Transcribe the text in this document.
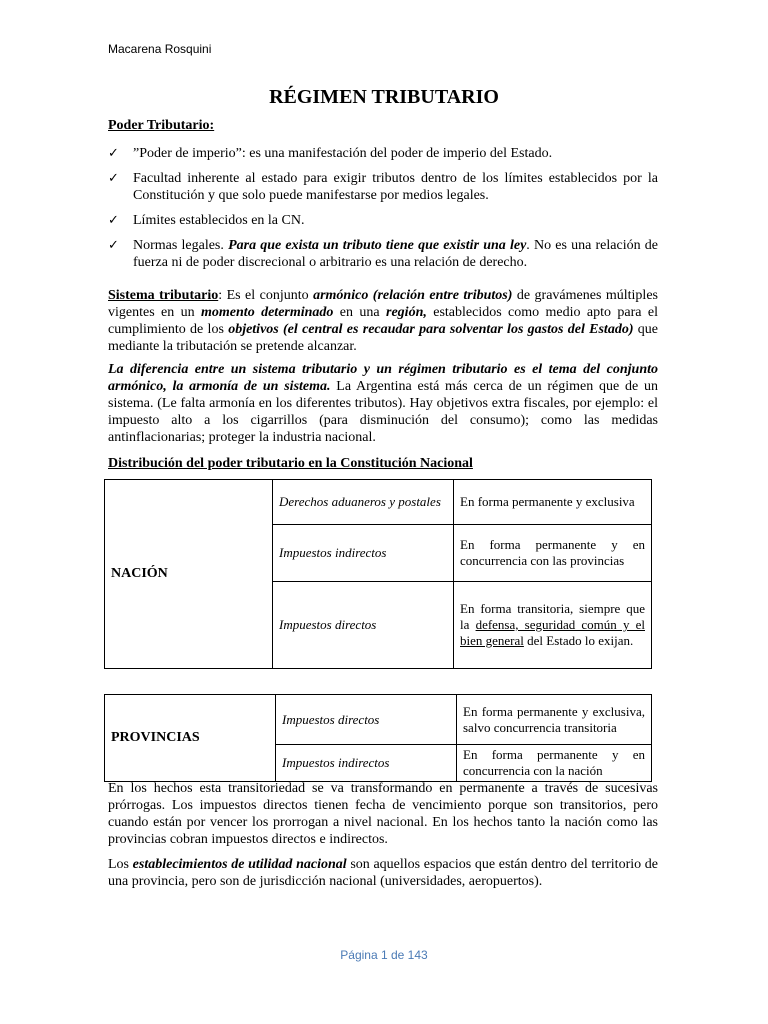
Macarena Rosquini
RÉGIMEN TRIBUTARIO
Poder Tributario:
✓	”Poder de imperio”: es una manifestación del poder de imperio del Estado.
✓	Facultad inherente al estado para exigir tributos dentro de los límites establecidos por la Constitución y que solo puede manifestarse por medios legales.
✓	Límites establecidos en la CN.
✓	Normas legales. Para que exista un tributo tiene que existir una ley. No es una relación de fuerza ni de poder discrecional o arbitrario es una relación de derecho.

Sistema tributario: Es el conjunto armónico (relación entre tributos) de gravámenes múltiples vigentes en un momento determinado en una región, establecidos como medio apto para el cumplimiento de los objetivos (el central es recaudar para solventar los gastos del Estado) que mediante la tributación se pretende alcanzar.

La diferencia entre un sistema tributario y un régimen tributario es el tema del conjunto armónico, la armonía de un sistema. La Argentina está más cerca de un régimen que de un sistema. (Le falta armonía en los diferentes tributos). Hay objetivos extra fiscales, por ejemplo: el impuesto alto a los cigarrillos (para disminución del consumo); como las medidas antinflacionarias; proteger la industria nacional.

Distribución del poder tributario en la Constitución Nacional
NACIÓN	Derechos aduaneros y postales	En forma permanente y exclusiva
	Impuestos indirectos	En forma permanente y en concurrencia con las provincias
	Impuestos directos	En forma transitoria, siempre que la defensa, seguridad común y el bien general del Estado lo exijan.
PROVINCIAS	Impuestos directos	En forma permanente y exclusiva, salvo concurrencia transitoria
	Impuestos indirectos	En forma permanente y en concurrencia con la nación

En los hechos esta transitoriedad se va transformando en permanente a través de sucesivas prórrogas. Los impuestos directos tienen fecha de vencimiento porque son transitorios, pero cuando están por vencer los prorrogan a nivel nacional. En los hechos tanto la nación como las provincias cobran impuestos directos e indirectos.

Los establecimientos de utilidad nacional son aquellos espacios que están dentro del territorio de una provincia, pero son de jurisdicción nacional (universidades, aeropuertos).

Página 1 de 143
